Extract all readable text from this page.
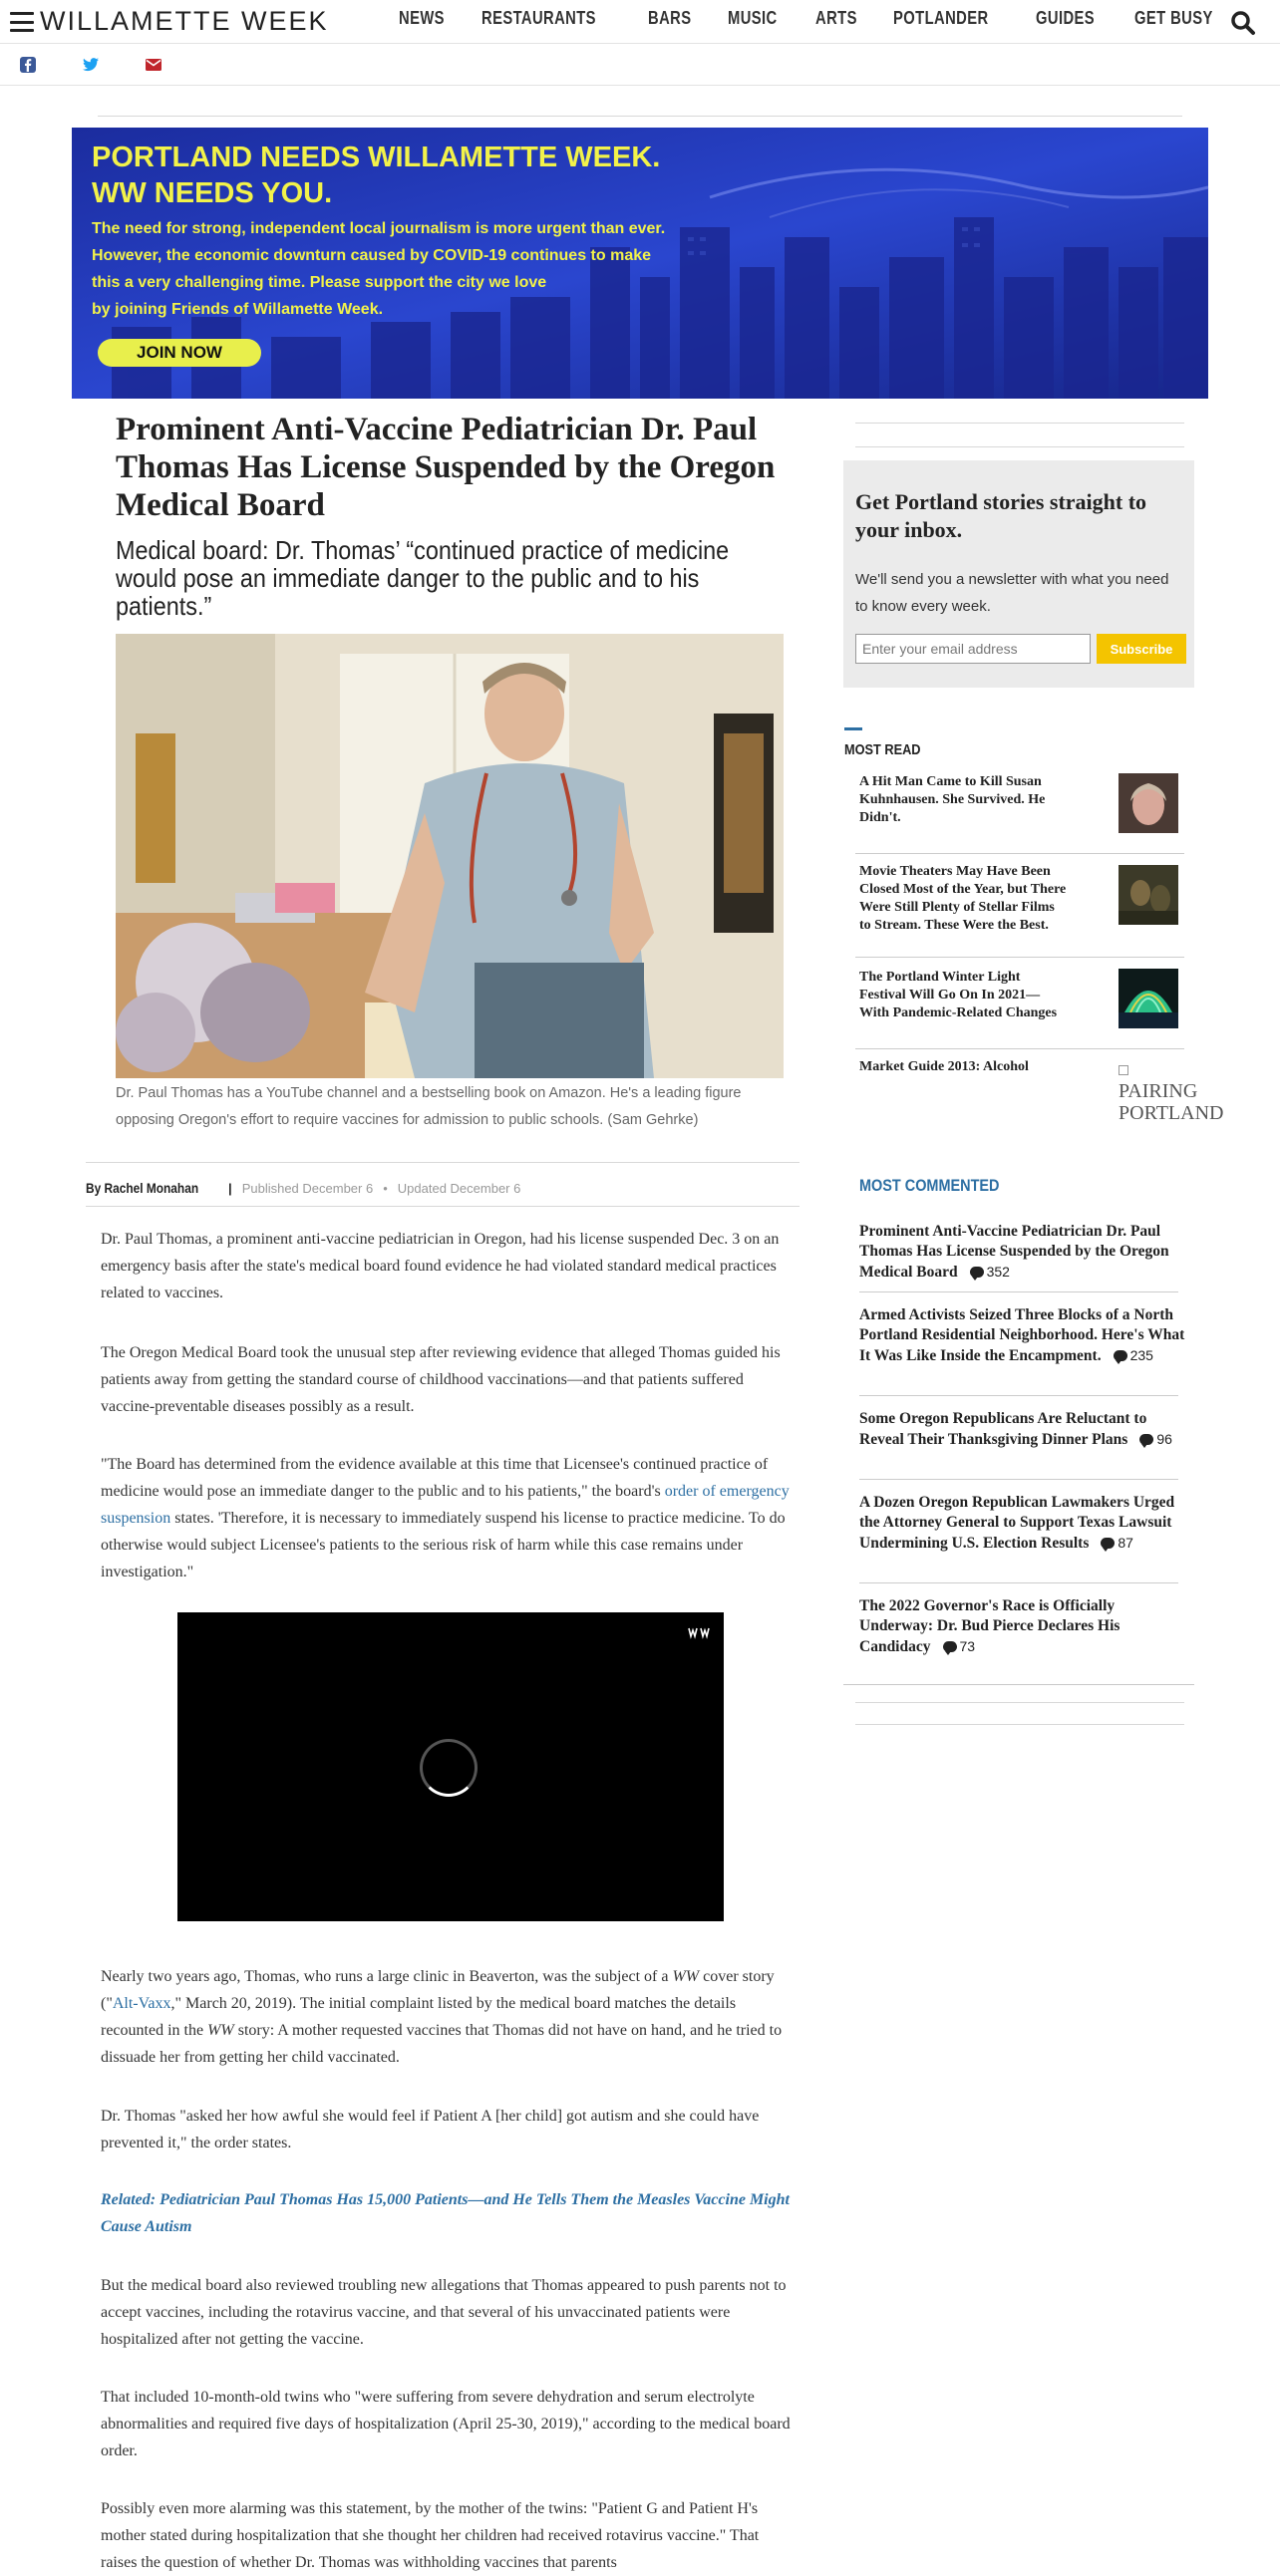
WILLAMETTE WEEK	NEWS RESTAURANTS	BARS MUSIC ARTS POTLANDER	GUIDES GET BUSY
PORTLAND NEEDS WILLAMETTE WEEK.
WW NEEDS YOU.

The need for strong, independent local journalism is more urgent than ever.
However, the economic downturn caused by COVID-19 continues to make
this a very challenging time. Please support the city we love
by joining Friends of Willamette Week.

JOIN NOW
Prominent Anti-Vaccine Pediatrician Dr. Paul Thomas Has License Suspended by the Oregon Medical Board
Medical board: Dr. Thomas’ “continued practice of medicine would pose an immediate danger to the public and to his patients.”
Dr. Paul Thomas has a YouTube channel and a bestselling book on Amazon. He's a leading figure opposing Oregon's effort to require vaccines for admission to public schools. (Sam Gehrke)
By Rachel Monahan | Published December 6 • Updated December 6

Dr. Paul Thomas, a prominent anti-vaccine pediatrician in Oregon, had his license suspended Dec. 3 on an emergency basis after the state's medical board found evidence he had violated standard medical practices related to vaccines.

The Oregon Medical Board took the unusual step after reviewing evidence that alleged Thomas guided his patients away from getting the standard course of childhood vaccinations—and that patients suffered vaccine-preventable diseases possibly as a result.

"The Board has determined from the evidence available at this time that Licensee's continued practice of medicine would pose an immediate danger to the public and to his patients," the board's order of emergency suspension states. 'Therefore, it is necessary to immediately suspend his license to practice medicine. To do otherwise would subject Licensee's patients to the serious risk of harm while this case remains under investigation."

Nearly two years ago, Thomas, who runs a large clinic in Beaverton, was the subject of a WW cover story ("Alt-Vaxx," March 20, 2019). The initial complaint listed by the medical board matches the details recounted in the WW story: A mother requested vaccines that Thomas did not have on hand, and he tried to dissuade her from getting her child vaccinated.

Dr. Thomas "asked her how awful she would feel if Patient A [her child] got autism and she could have prevented it," the order states.

Related: Pediatrician Paul Thomas Has 15,000 Patients—and He Tells Them the Measles Vaccine Might Cause Autism

But the medical board also reviewed troubling new allegations that Thomas appeared to push parents not to accept vaccines, including the rotavirus vaccine, and that several of his unvaccinated patients were hospitalized after not getting the vaccine.

That included 10-month-old twins who "were suffering from severe dehydration and serum electrolyte abnormalities and required five days of hospitalization (April 25-30, 2019)," according to the medical board order.

Possibly even more alarming was this statement, by the mother of the twins: "Patient G and Patient H's mother stated during hospitalization that she thought her children had received rotavirus vaccine." That raises the question of whether Dr. Thomas was withholding vaccines that parents

Get Portland stories straight to your inbox.

We'll send you a newsletter with what you need to know every week.

Enter your email address
Subscribe
MOST READ
A Hit Man Came to Kill Susan Kuhnhausen. She Survived. He Didn't.
Movie Theaters May Have Been Closed Most of the Year, but There Were Still Plenty of Stellar Films to Stream. These Were the Best.
The Portland Winter Light Festival Will Go On In 2021—With Pandemic-Related Changes
Market Guide 2013: Alcohol

PAIRING PORTLAND
MOST COMMENTED
Prominent Anti-Vaccine Pediatrician Dr. Paul Thomas Has License Suspended by the Oregon Medical Board 352
Armed Activists Seized Three Blocks of a North Portland Residential Neighborhood. Here's What It Was Like Inside the Encampment. 235
Some Oregon Republicans Are Reluctant to Reveal Their Thanksgiving Dinner Plans 96
A Dozen Oregon Republican Lawmakers Urged the Attorney General to Support Texas Lawsuit Undermining U.S. Election Results 87
The 2022 Governor's Race is Officially Underway: Dr. Bud Pierce Declares His Candidacy 73
